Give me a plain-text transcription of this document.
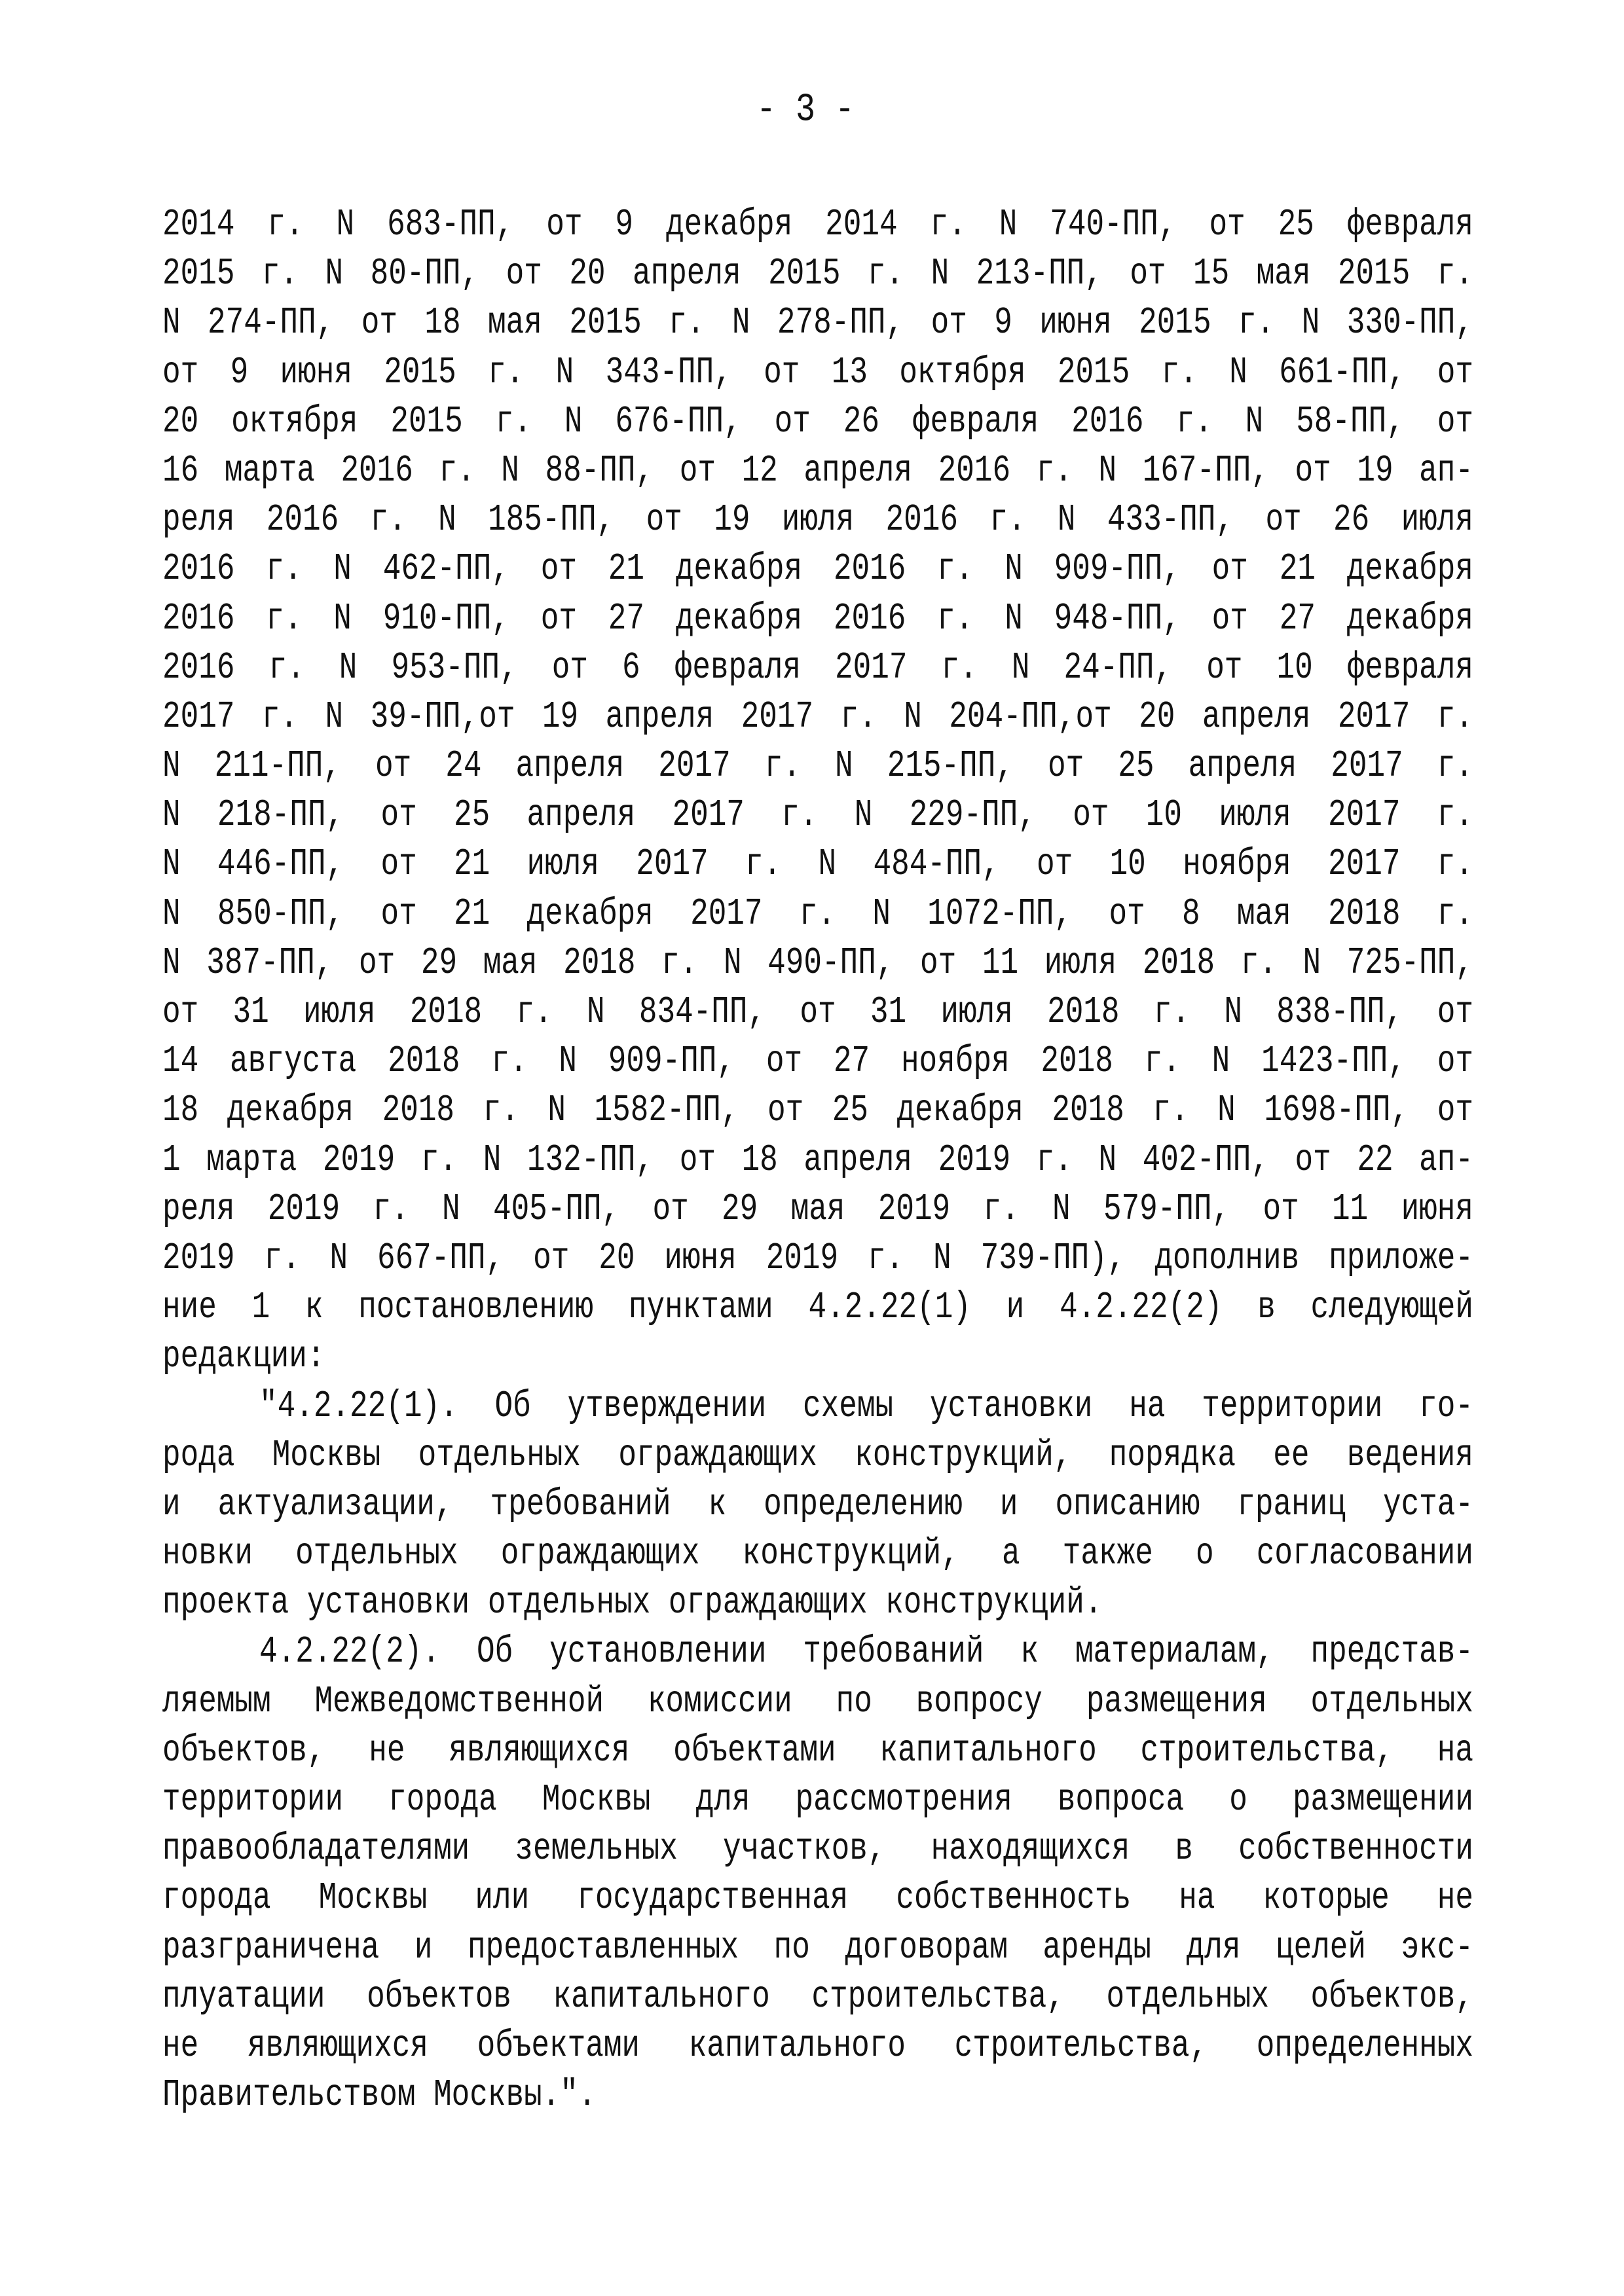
- 3 -
2014 г. N 683-ПП, от 9 декабря 2014 г. N 740-ПП, от 25 февраля
2015 г. N 80-ПП, от 20 апреля 2015 г. N 213-ПП, от 15 мая 2015 г.
N 274-ПП, от 18 мая 2015 г. N 278-ПП, от 9 июня 2015 г. N 330-ПП,
от 9 июня 2015 г. N 343-ПП, от 13 октября 2015 г. N 661-ПП, от
20 октября 2015 г. N 676-ПП, от 26 февраля 2016 г. N 58-ПП, от
16 марта 2016 г. N 88-ПП, от 12 апреля 2016 г. N 167-ПП, от 19 ап-
реля 2016 г. N 185-ПП, от 19 июля 2016 г. N 433-ПП, от 26 июля
2016 г. N 462-ПП, от 21 декабря 2016 г. N 909-ПП, от 21 декабря
2016 г. N 910-ПП, от 27 декабря 2016 г. N 948-ПП, от 27 декабря
2016 г. N 953-ПП, от 6 февраля 2017 г. N 24-ПП, от 10 февраля
2017 г. N 39-ПП,от 19 апреля 2017 г. N 204-ПП,от 20 апреля 2017 г.
N 211-ПП, от 24 апреля 2017 г. N 215-ПП, от 25 апреля 2017 г.
N 218-ПП, от 25 апреля 2017 г. N 229-ПП, от 10 июля 2017 г.
N 446-ПП, от 21 июля 2017 г. N 484-ПП, от 10 ноября 2017 г.
N 850-ПП, от 21 декабря 2017 г. N 1072-ПП, от 8 мая 2018 г.
N 387-ПП, от 29 мая 2018 г. N 490-ПП, от 11 июля 2018 г. N 725-ПП,
от 31 июля 2018 г. N 834-ПП, от 31 июля 2018 г. N 838-ПП, от
14 августа 2018 г. N 909-ПП, от 27 ноября 2018 г. N 1423-ПП, от
18 декабря 2018 г. N 1582-ПП, от 25 декабря 2018 г. N 1698-ПП, от
1 марта 2019 г. N 132-ПП, от 18 апреля 2019 г. N 402-ПП, от 22 ап-
реля 2019 г. N 405-ПП, от 29 мая 2019 г. N 579-ПП, от 11 июня
2019 г. N 667-ПП, от 20 июня 2019 г. N 739-ПП), дополнив приложе-
ние 1 к постановлению пунктами 4.2.22(1) и 4.2.22(2) в следующей
редакции:
"4.2.22(1). Об утверждении схемы установки на территории го-
рода Москвы отдельных ограждающих конструкций, порядка ее ведения
и актуализации, требований к определению и описанию границ уста-
новки отдельных ограждающих конструкций, а также о согласовании
проекта установки отдельных ограждающих конструкций.
4.2.22(2). Об установлении требований к материалам, представ-
ляемым Межведомственной комиссии по вопросу размещения отдельных
объектов, не являющихся объектами капитального строительства, на
территории города Москвы для рассмотрения вопроса о размещении
правообладателями земельных участков, находящихся в собственности
города Москвы или государственная собственность на которые не
разграничена и предоставленных по договорам аренды для целей экс-
плуатации объектов капитального строительства, отдельных объектов,
не являющихся объектами капитального строительства, определенных
Правительством Москвы.".
